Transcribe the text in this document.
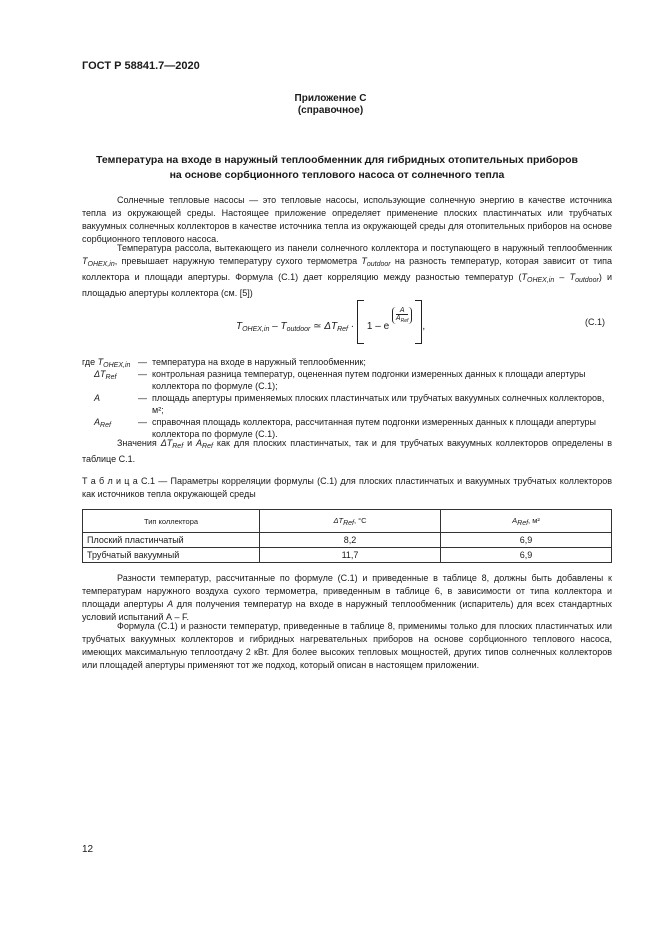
ГОСТ Р 58841.7—2020
Приложение С
(справочное)
Температура на входе в наружный теплообменник для гибридных отопительных приборов
на основе сорбционного теплового насоса от солнечного тепла
Солнечные тепловые насосы — это тепловые насосы, использующие солнечную энергию в качестве источника тепла из окружающей среды. Настоящее приложение определяет применение плоских пластинчатых или трубчатых вакуумных солнечных коллекторов в качестве источника тепла из окружающей среды для отопительных приборов на основе сорбционного теплового насоса.
Температура рассола, вытекающего из панели солнечного коллектора и поступающего в наружный теплообменник $T_{OHEX,in}$, превышает наружную температуру сухого термометра $T_{outdoor}$ на разность температур, которая зависит от типа коллектора и площади апертуры. Формула (С.1) дает корреляцию между разностью температур $(T_{OHEX,in} - T_{outdoor})$ и площадью апертуры коллектора (см. [5])
$T_{OHEX,in} - T_{outdoor}$ ≃ $\Delta T_{Ref}$ ·
1 – e
A
$A_{Ref}$ ,	(С.1)
где $T_{OHEX,in}$ — температура на входе в наружный теплообменник;
$\Delta T_{Ref}$	— контрольная разница температур, оцененная путем подгонки измеренных данных к площади апертуры коллектора по формуле (С.1);
A	— площадь апертуры применяемых плоских пластинчатых или трубчатых вакуумных солнечных коллекторов, м²;
$A_{Ref}$	— справочная площадь коллектора, рассчитанная путем подгонки измеренных данных к площади апертуры коллектора по формуле (С.1).
Значения $\Delta T_{Ref}$ и $A_{Ref}$ как для плоских пластинчатых, так и для трубчатых вакуумных коллекторов определены в таблице С.1.
Т а б л и ц а С.1 — Параметры корреляции формулы (С.1) для плоских пластинчатых и вакуумных трубчатых коллекторов как источников тепла окружающей среды
Тип коллектора	$\Delta T_{Ref}$, °С	$A_{Ref}$, м²
Плоский пластинчатый	8,2	6,9
Трубчатый вакуумный	11,7	6,9
Разности температур, рассчитанные по формуле (С.1) и приведенные в таблице 8, должны быть добавлены к температурам наружного воздуха сухого термометра, приведенным в таблице 6, в зависимости от типа коллектора и площади апертуры A для получения температур на входе в наружный теплообменник (испаритель) для всех стандартных условий испытаний А – F.
Формула (С.1) и разности температур, приведенные в таблице 8, применимы только для плоских пластинчатых или трубчатых вакуумных коллекторов и гибридных нагревательных приборов на основе сорбционного теплового насоса, имеющих максимальную теплоотдачу 2 кВт. Для более высоких тепловых мощностей, других типов солнечных коллекторов или площадей апертуры применяют тот же подход, который описан в настоящем приложении.
12
